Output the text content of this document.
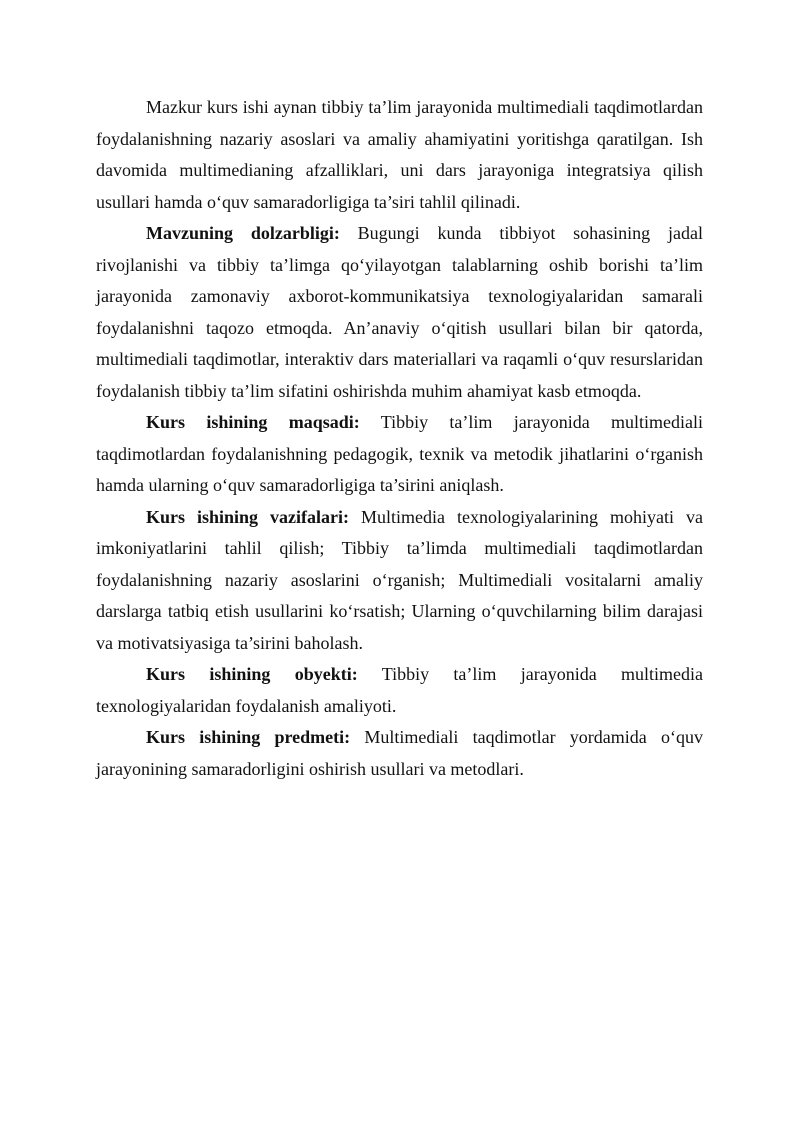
Mazkur kurs ishi aynan tibbiy ta’lim jarayonida multimediali taqdimotlardan foydalanishning nazariy asoslari va amaliy ahamiyatini yoritishga qaratilgan. Ish davomida multimedianing afzalliklari, uni dars jarayoniga integratsiya qilish usullari hamda o‘quv samaradorligiga ta’siri tahlil qilinadi.

Mavzuning dolzarbligi: Bugungi kunda tibbiyot sohasining jadal rivojlanishi va tibbiy ta’limga qo‘yilayotgan talablarning oshib borishi ta’lim jarayonida zamonaviy axborot-kommunikatsiya texnologiyalaridan samarali foydalanishni taqozo etmoqda. An’anaviy o‘qitish usullari bilan bir qatorda, multimediali taqdimotlar, interaktiv dars materiallari va raqamli o‘quv resurslaridan foydalanish tibbiy ta’lim sifatini oshirishda muhim ahamiyat kasb etmoqda.

Kurs ishining maqsadi: Tibbiy ta’lim jarayonida multimediali taqdimotlardan foydalanishning pedagogik, texnik va metodik jihatlarini o‘rganish hamda ularning o‘quv samaradorligiga ta’sirini aniqlash.

Kurs ishining vazifalari: Multimedia texnologiyalarining mohiyati va imkoniyatlarini tahlil qilish; Tibbiy ta’limda multimediali taqdimotlardan foydalanishning nazariy asoslarini o‘rganish; Multimediali vositalarni amaliy darslarga tatbiq etish usullarini ko‘rsatish; Ularning o‘quvchilarning bilim darajasi va motivatsiyasiga ta’sirini baholash.

Kurs ishining obyekti: Tibbiy ta’lim jarayonida multimedia texnologiyalaridan foydalanish amaliyoti.

Kurs ishining predmeti: Multimediali taqdimotlar yordamida o‘quv jarayonining samaradorligini oshirish usullari va metodlari.
